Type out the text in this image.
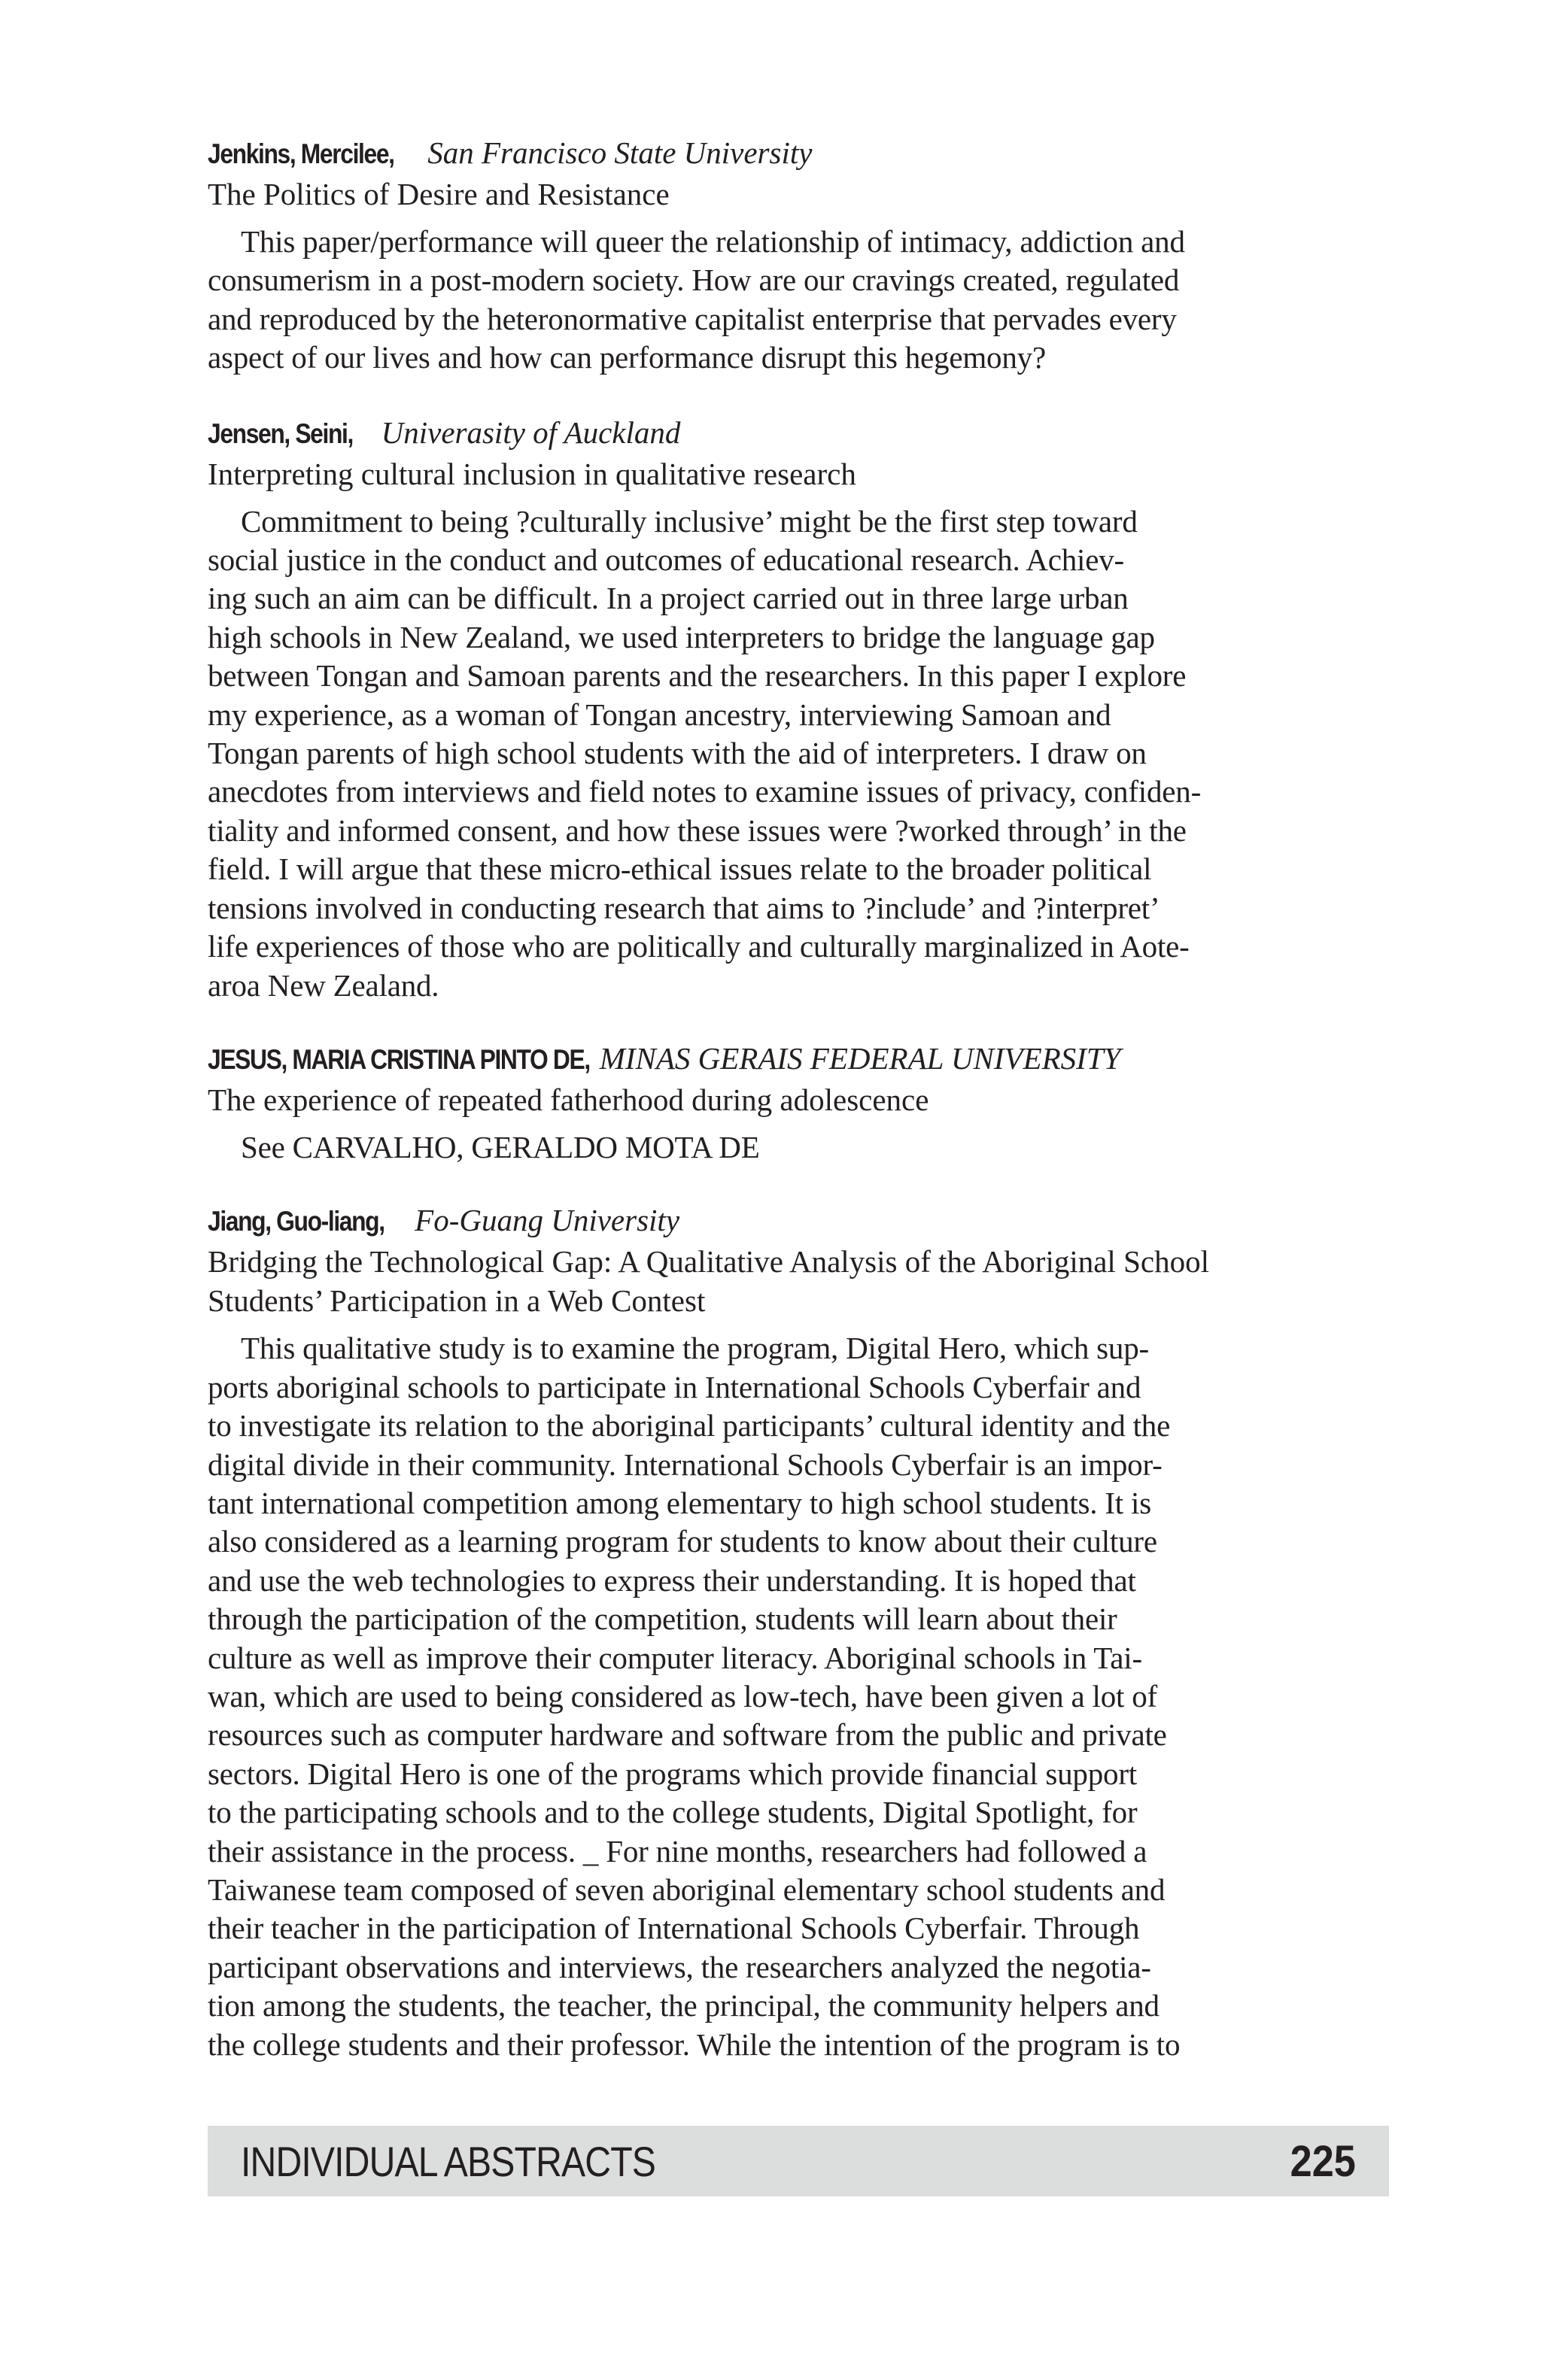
Jenkins, Mercilee, San Francisco State University
The Politics of Desire and Resistance
This paper/performance will queer the relationship of intimacy, addiction and
consumerism in a post-modern society. How are our cravings created, regulated
and reproduced by the heteronormative capitalist enterprise that pervades every
aspect of our lives and how can performance disrupt this hegemony?
Jensen, Seini, Univerasity of Auckland
Interpreting cultural inclusion in qualitative research
Commitment to being ?culturally inclusive’ might be the first step toward
social justice in the conduct and outcomes of educational research. Achiev-
ing such an aim can be difficult. In a project carried out in three large urban
high schools in New Zealand, we used interpreters to bridge the language gap
between Tongan and Samoan parents and the researchers. In this paper I explore
my experience, as a woman of Tongan ancestry, interviewing Samoan and
Tongan parents of high school students with the aid of interpreters. I draw on
anecdotes from interviews and field notes to examine issues of privacy, confiden-
tiality and informed consent, and how these issues were ?worked through’ in the
field. I will argue that these micro-ethical issues relate to the broader political
tensions involved in conducting research that aims to ?include’ and ?interpret’
life experiences of those who are politically and culturally marginalized in Aote-
aroa New Zealand.
JESUS, MARIA CRISTINA PINTO DE, MINAS GERAIS FEDERAL UNIVERSITY
The experience of repeated fatherhood during adolescence
See CARVALHO, GERALDO MOTA DE
Jiang, Guo-liang, Fo-Guang University
Bridging the Technological Gap: A Qualitative Analysis of the Aboriginal School
Students’ Participation in a Web Contest
This qualitative study is to examine the program, Digital Hero, which sup-
ports aboriginal schools to participate in International Schools Cyberfair and
to investigate its relation to the aboriginal participants’ cultural identity and the
digital divide in their community. International Schools Cyberfair is an impor-
tant international competition among elementary to high school students. It is
also considered as a learning program for students to know about their culture
and use the web technologies to express their understanding. It is hoped that
through the participation of the competition, students will learn about their
culture as well as improve their computer literacy. Aboriginal schools in Tai-
wan, which are used to being considered as low-tech, have been given a lot of
resources such as computer hardware and software from the public and private
sectors. Digital Hero is one of the programs which provide financial support
to the participating schools and to the college students, Digital Spotlight, for
their assistance in the process. _ For nine months, researchers had followed a
Taiwanese team composed of seven aboriginal elementary school students and
their teacher in the participation of International Schools Cyberfair. Through
participant observations and interviews, the researchers analyzed the negotia-
tion among the students, the teacher, the principal, the community helpers and
the college students and their professor. While the intention of the program is to
INDIVIDUAL ABSTRACTS	225
